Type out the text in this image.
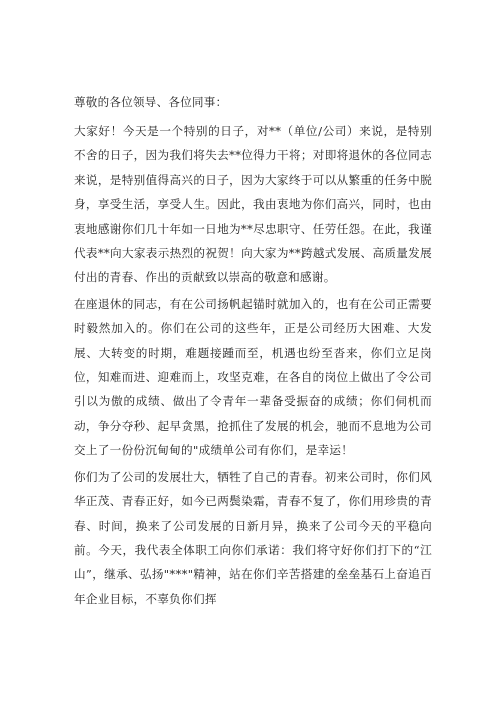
尊敬的各位领导、各位同事：

大家好！今天是一个特别的日子，对**（单位/公司）来说，是特别不舍的日子，因为我们将失去**位得力干将；对即将退休的各位同志来说，是特别值得高兴的日子，因为大家终于可以从繁重的任务中脱身，享受生活，享受人生。因此，我由衷地为你们高兴，同时，也由衷地感谢你们几十年如一日地为**尽忠职守、任劳任怨。在此，我谨代表**向大家表示热烈的祝贺！向大家为**跨越式发展、高质量发展付出的青春、作出的贡献致以崇高的敬意和感谢。

在座退休的同志，有在公司扬帆起锚时就加入的，也有在公司正需要时毅然加入的。你们在公司的这些年，正是公司经历大困难、大发展、大转变的时期，难题接踵而至，机遇也纷至沓来，你们立足岗位，知难而进、迎难而上，攻坚克难，在各自的岗位上做出了令公司引以为傲的成绩、做出了令青年一辈备受振奋的成绩；你们伺机而动，争分夺秒、起早贪黑，抢抓住了发展的机会，驰而不息地为公司交上了一份份沉甸甸的"成绩单公司有你们，是幸运！

你们为了公司的发展壮大，牺牲了自己的青春。初来公司时，你们风华正茂、青春正好，如今已两鬓染霜，青春不复了，你们用珍贵的青春、时间，换来了公司发展的日新月异，换来了公司今天的平稳向前。今天，我代表全体职工向你们承诺：我们将守好你们打下的“江山”，继承、弘扬"***"精神，站在你们辛苦搭建的垒垒基石上奋追百年企业目标，不辜负你们挥
